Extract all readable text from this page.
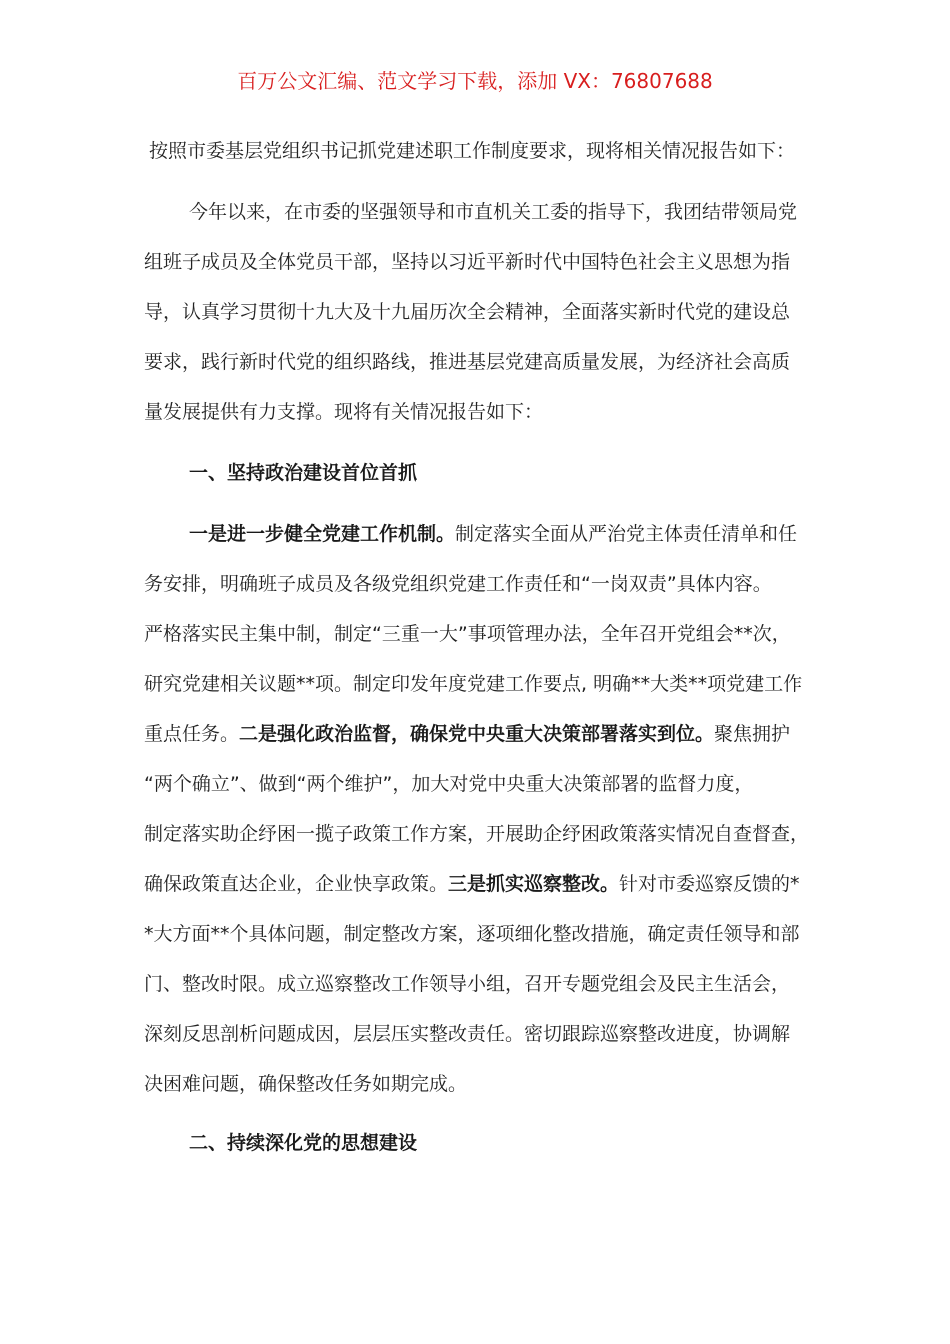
百万公文汇编、范文学习下载，添加 VX：76807688
按照市委基层党组织书记抓党建述职工作制度要求，现将相关情况报告如下：
今年以来，在市委的坚强领导和市直机关工委的指导下，我团结带领局党
组班子成员及全体党员干部，坚持以习近平新时代中国特色社会主义思想为指
导，认真学习贯彻十九大及十九届历次全会精神，全面落实新时代党的建设总
要求，践行新时代党的组织路线，推进基层党建高质量发展，为经济社会高质
量发展提供有力支撑。现将有关情况报告如下：
一、坚持政治建设首位首抓
一是进一步健全党建工作机制。制定落实全面从严治党主体责任清单和任
务安排，明确班子成员及各级党组织党建工作责任和“一岗双责”具体内容。
严格落实民主集中制，制定“三重一大”事项管理办法，全年召开党组会**次，
研究党建相关议题**项。制定印发年度党建工作要点, 明确**大类**项党建工作
重点任务。二是强化政治监督，确保党中央重大决策部署落实到位。聚焦拥护
“两个确立”、做到“两个维护”，加大对党中央重大决策部署的监督力度，
制定落实助企纾困一揽子政策工作方案，开展助企纾困政策落实情况自查督查，
确保政策直达企业，企业快享政策。三是抓实巡察整改。针对市委巡察反馈的*
*大方面**个具体问题，制定整改方案，逐项细化整改措施，确定责任领导和部
门、整改时限。成立巡察整改工作领导小组，召开专题党组会及民主生活会，
深刻反思剖析问题成因，层层压实整改责任。密切跟踪巡察整改进度，协调解
决困难问题，确保整改任务如期完成。
二、持续深化党的思想建设
